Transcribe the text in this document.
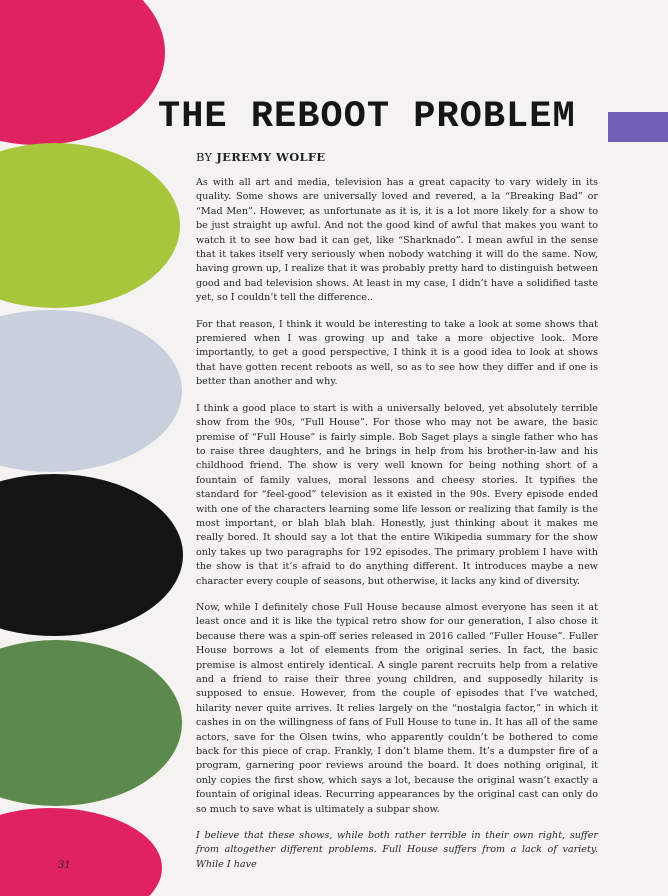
THE REBOOT PROBLEM
BY JEREMY WOLFE

As with all art and media, television has a great capacity to vary widely in its quality. Some shows are universally loved and revered, a la “Breaking Bad” or “Mad Men”. However, as unfortunate as it is, it is a lot more likely for a show to be just straight up awful. And not the good kind of awful that makes you want to watch it to see how bad it can get, like “Sharknado”. I mean awful in the sense that it takes itself very seriously when nobody watching it will do the same. Now, having grown up, I realize that it was probably pretty hard to distinguish between good and bad television shows. At least in my case, I didn’t have a solidified taste yet, so I couldn’t tell the difference..

For that reason, I think it would be interesting to take a look at some shows that premiered when I was growing up and take a more objective look. More importantly, to get a good perspective, I think it is a good idea to look at shows that have gotten recent reboots as well, so as to see how they differ and if one is better than another and why.

I think a good place to start is with a universally beloved, yet absolutely terrible show from the 90s, “Full House”. For those who may not be aware, the basic premise of “Full House” is fairly simple. Bob Saget plays a single father who has to raise three daughters, and he brings in help from his brother-in-law and his childhood friend. The show is very well known for being nothing short of a fountain of family values, moral lessons and cheesy stories. It typifies the standard for “feel-good” television as it existed in the 90s. Every episode ended with one of the characters learning some life lesson or realizing that family is the most important, or blah blah blah. Honestly, just thinking about it makes me really bored. It should say a lot that the entire Wikipedia summary for the show only takes up two paragraphs for 192 episodes. The primary problem I have with the show is that it’s afraid to do anything different. It introduces maybe a new character every couple of seasons, but otherwise, it lacks any kind of diversity.

Now, while I definitely chose Full House because almost everyone has seen it at least once and it is like the typical retro show for our generation, I also chose it because there was a spin-off series released in 2016 called “Fuller House”. Fuller House borrows a lot of elements from the original series. In fact, the basic premise is almost entirely identical. A single parent recruits help from a relative and a friend to raise their three young children, and supposedly hilarity is supposed to ensue. However, from the couple of episodes that I’ve watched, hilarity never quite arrives. It relies largely on the “nostalgia factor,” in which it cashes in on the willingness of fans of Full House to tune in. It has all of the same actors, save for the Olsen twins, who apparently couldn’t be bothered to come back for this piece of crap. Frankly, I don’t blame them. It’s a dumpster fire of a program, garnering poor reviews around the board. It does nothing original, it only copies the first show, which says a lot, because the original wasn’t exactly a fountain of original ideas. Recurring appearances by the original cast can only do so much to save what is ultimately a subpar show.

I believe that these shows, while both rather terrible in their own right, suffer from altogether different problems. Full House suffers from a lack of variety. While I have

31
